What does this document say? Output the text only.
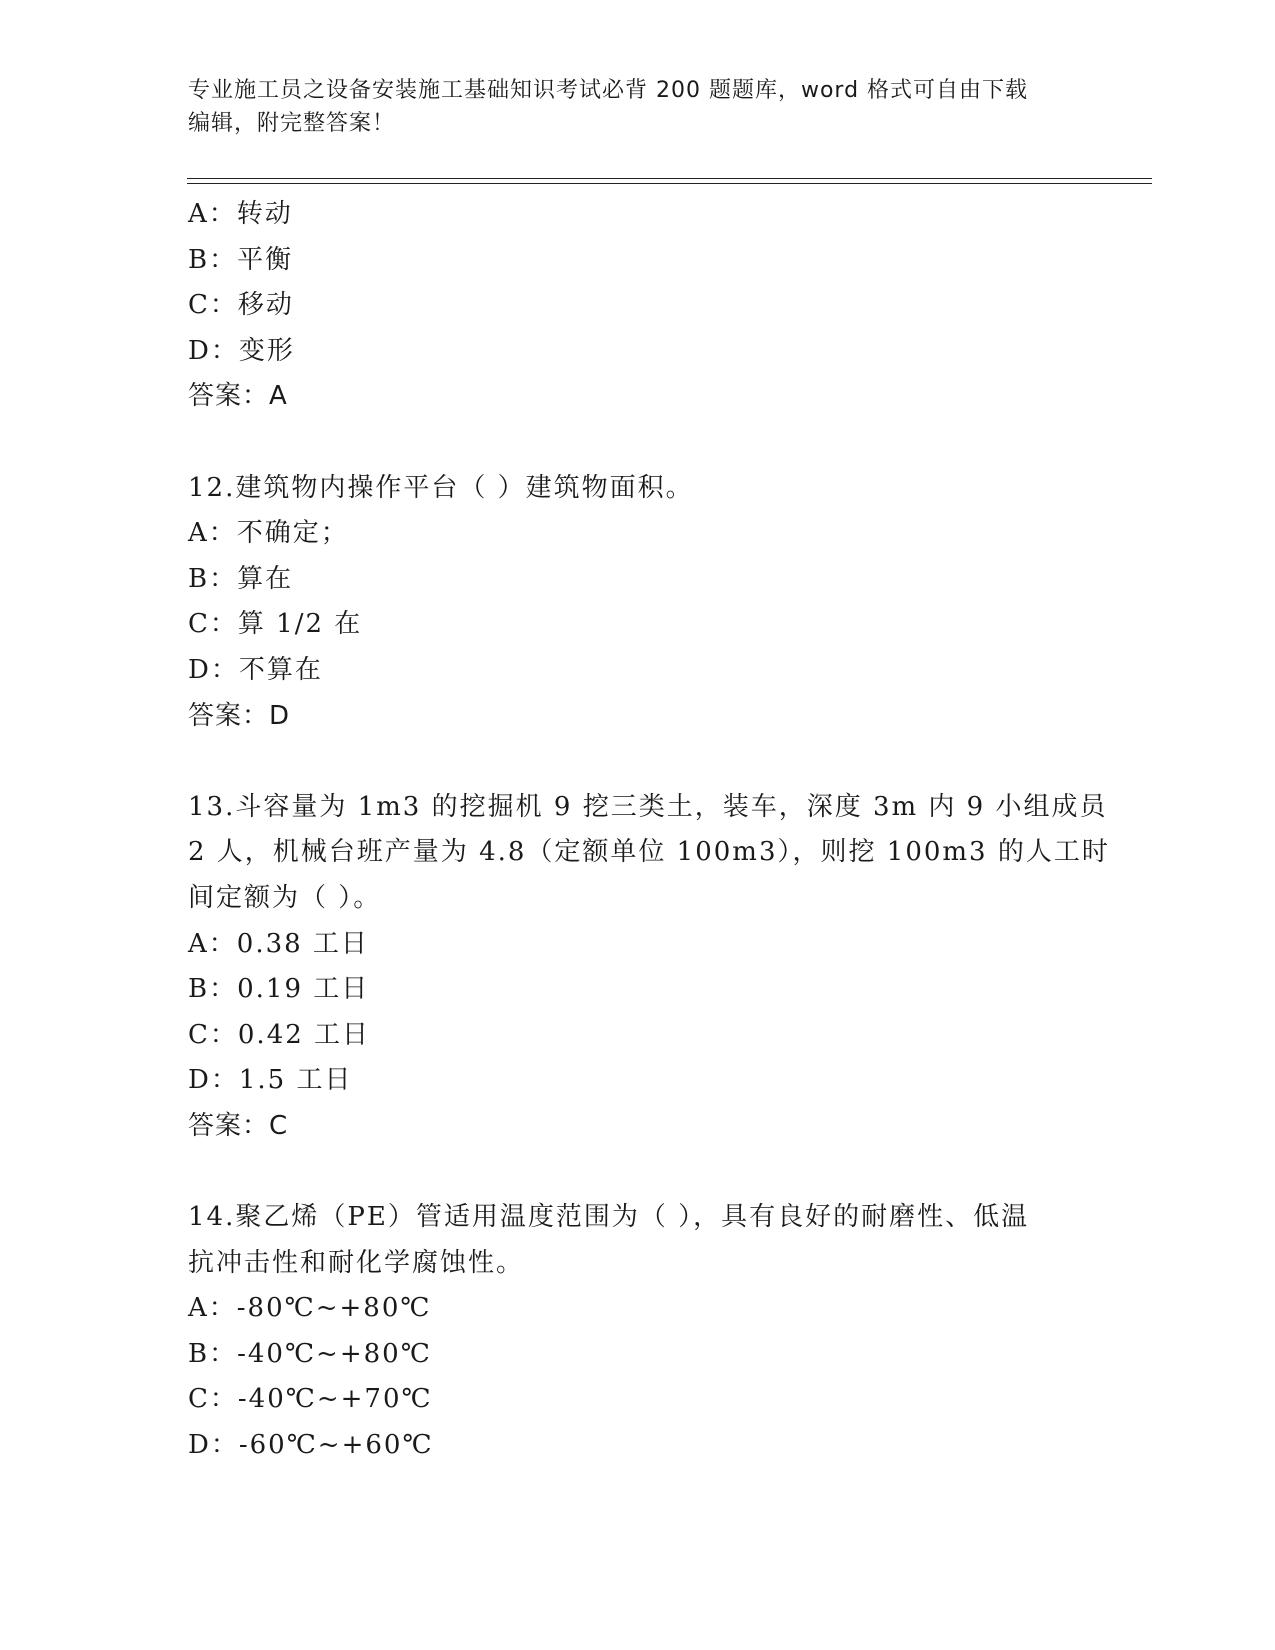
专业施工员之设备安装施工基础知识考试必背 200 题题库，word 格式可自由下载
编辑，附完整答案！
A：转动
B：平衡
C：移动
D：变形
答案：A
12.建筑物内操作平台（ ）建筑物面积。
A：不确定；
B：算在
C：算 1/2 在
D：不算在
答案：D
13.斗容量为 1m3 的挖掘机 9 挖三类土，装车，深度 3m 内 9 小组成员
2 人，机械台班产量为 4.8（定额单位 100m3），则挖 100m3 的人工时
间定额为（ ）。
A：0.38 工日
B：0.19 工日
C：0.42 工日
D：1.5 工日
答案：C
14.聚乙烯（PE）管适用温度范围为（ ），具有良好的耐磨性、低温
抗冲击性和耐化学腐蚀性。
A：-80℃~+80℃
B：-40℃~+80℃
C：-40℃~+70℃
D：-60℃~+60℃
